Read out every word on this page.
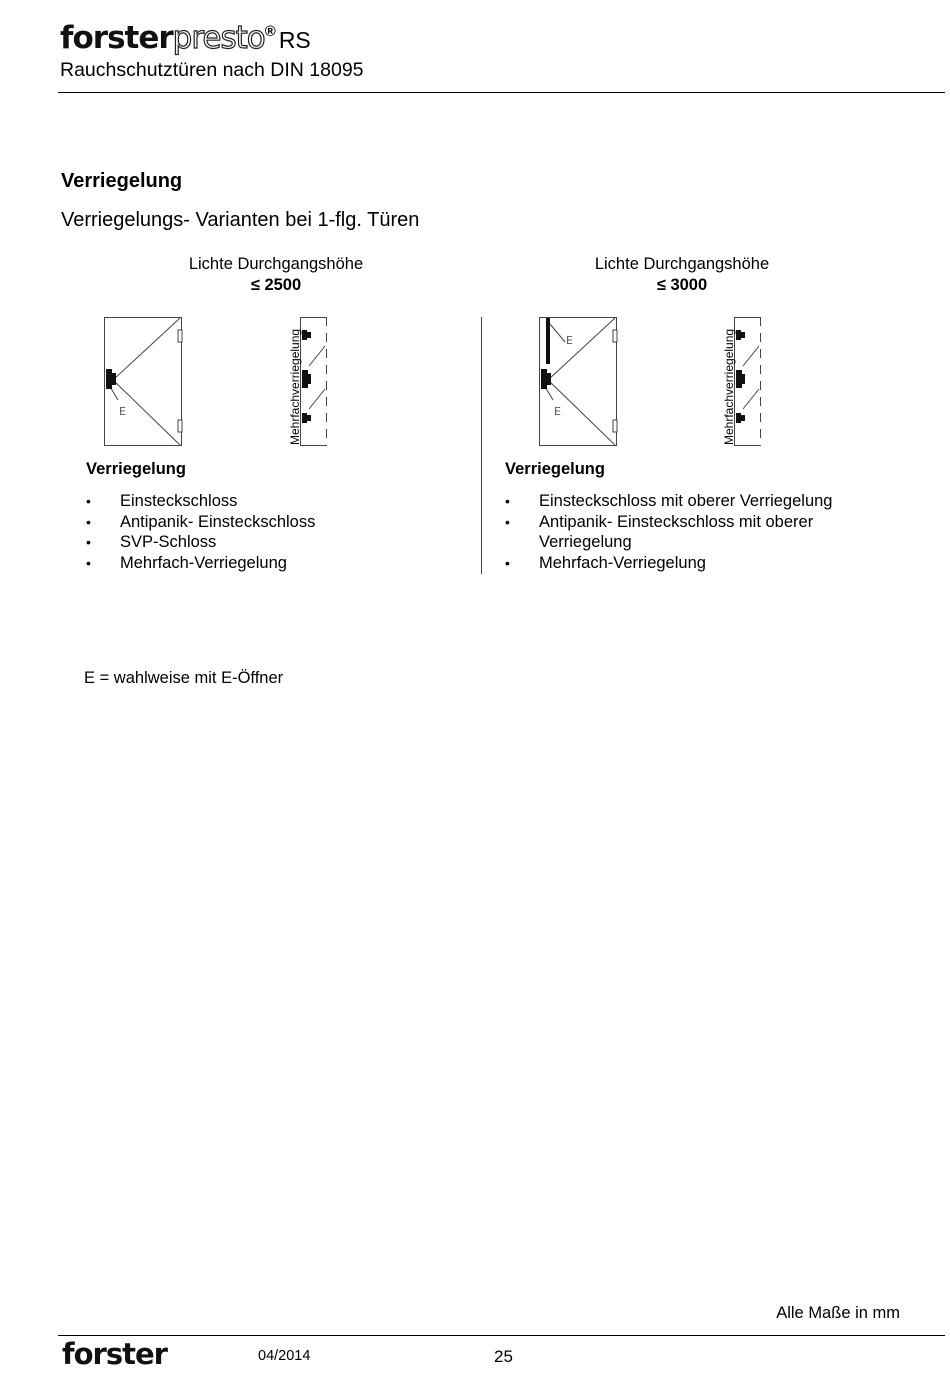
forsterpresto® RS
Rauchschutztüren nach DIN 18095
Verriegelung
Verriegelungs- Varianten bei 1-flg. Türen
Lichte Durchgangshöhe
≤ 2500
Lichte Durchgangshöhe
≤ 3000
E	Mehrfachverriegelung	E
E	Mehrfachverriegelung
Verriegelung
• Einsteckschloss
• Antipanik- Einsteckschloss
• SVP-Schloss
• Mehrfach-Verriegelung
Verriegelung
• Einsteckschloss mit oberer Verriegelung
• Antipanik- Einsteckschloss mit oberer Verriegelung
• Mehrfach-Verriegelung
E = wahlweise mit E-Öffner
Alle Maße in mm
forster	04/2014	25
